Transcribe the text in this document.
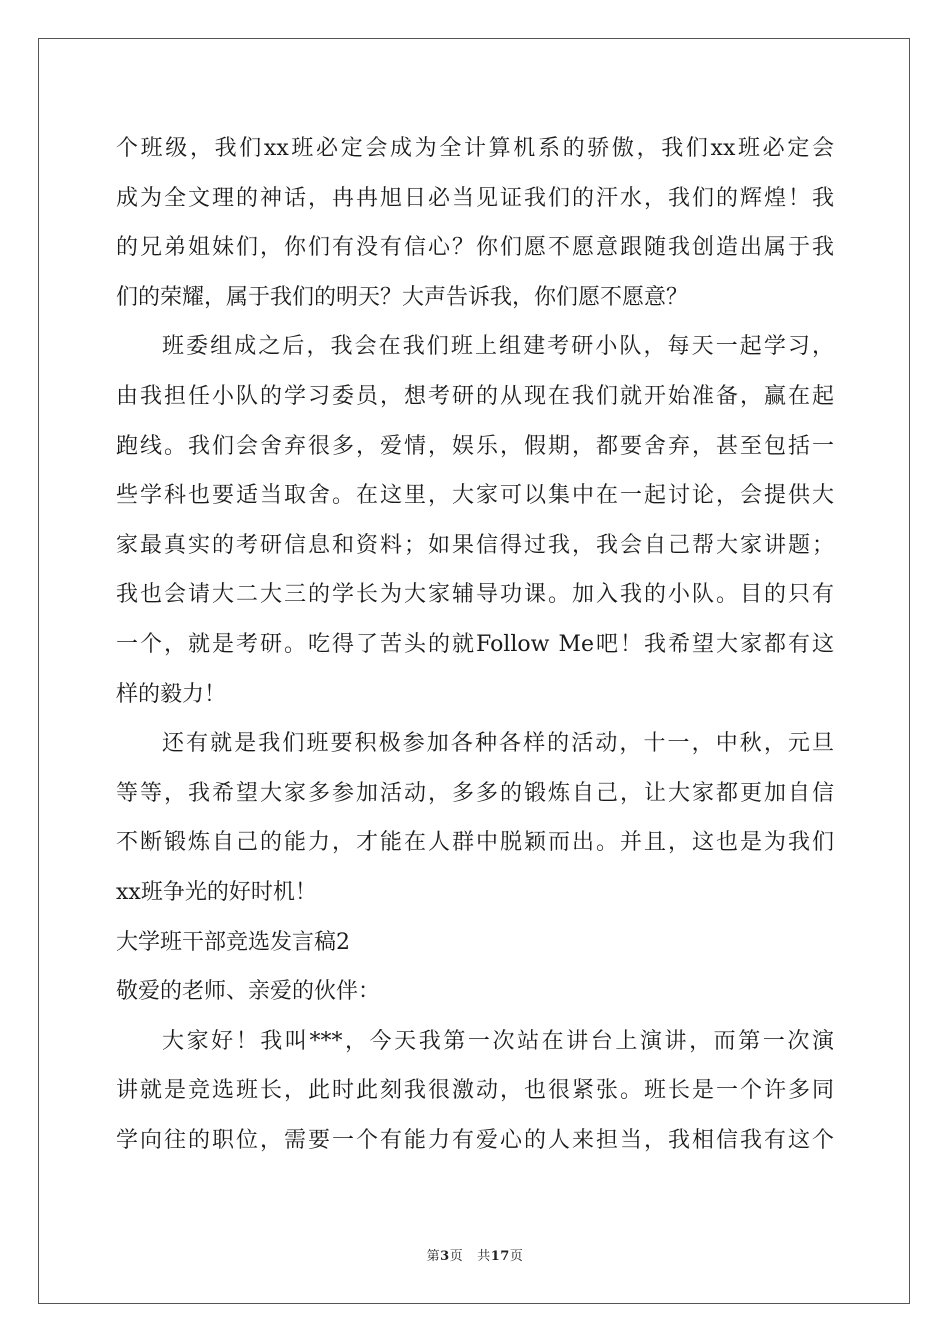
个班级，我们xx班必定会成为全计算机系的骄傲，我们xx班必定会
成为全文理的神话，冉冉旭日必当见证我们的汗水，我们的辉煌！我
的兄弟姐妹们，你们有没有信心？你们愿不愿意跟随我创造出属于我
们的荣耀，属于我们的明天？大声告诉我，你们愿不愿意？
班委组成之后，我会在我们班上组建考研小队，每天一起学习，
由我担任小队的学习委员，想考研的从现在我们就开始准备，赢在起
跑线。我们会舍弃很多，爱情，娱乐，假期，都要舍弃，甚至包括一
些学科也要适当取舍。在这里，大家可以集中在一起讨论，会提供大
家最真实的考研信息和资料；如果信得过我，我会自己帮大家讲题；
我也会请大二大三的学长为大家辅导功课。加入我的小队。目的只有
一个，就是考研。吃得了苦头的就Follow Me吧！我希望大家都有这
样的毅力！
还有就是我们班要积极参加各种各样的活动，十一，中秋，元旦
等等，我希望大家多参加活动，多多的锻炼自己，让大家都更加自信
不断锻炼自己的能力，才能在人群中脱颖而出。并且，这也是为我们
xx班争光的好时机！
大学班干部竞选发言稿2
敬爱的老师、亲爱的伙伴：
大家好！我叫***，今天我第一次站在讲台上演讲，而第一次演
讲就是竞选班长，此时此刻我很激动，也很紧张。班长是一个许多同
学向往的职位，需要一个有能力有爱心的人来担当，我相信我有这个
第3页 共17页
